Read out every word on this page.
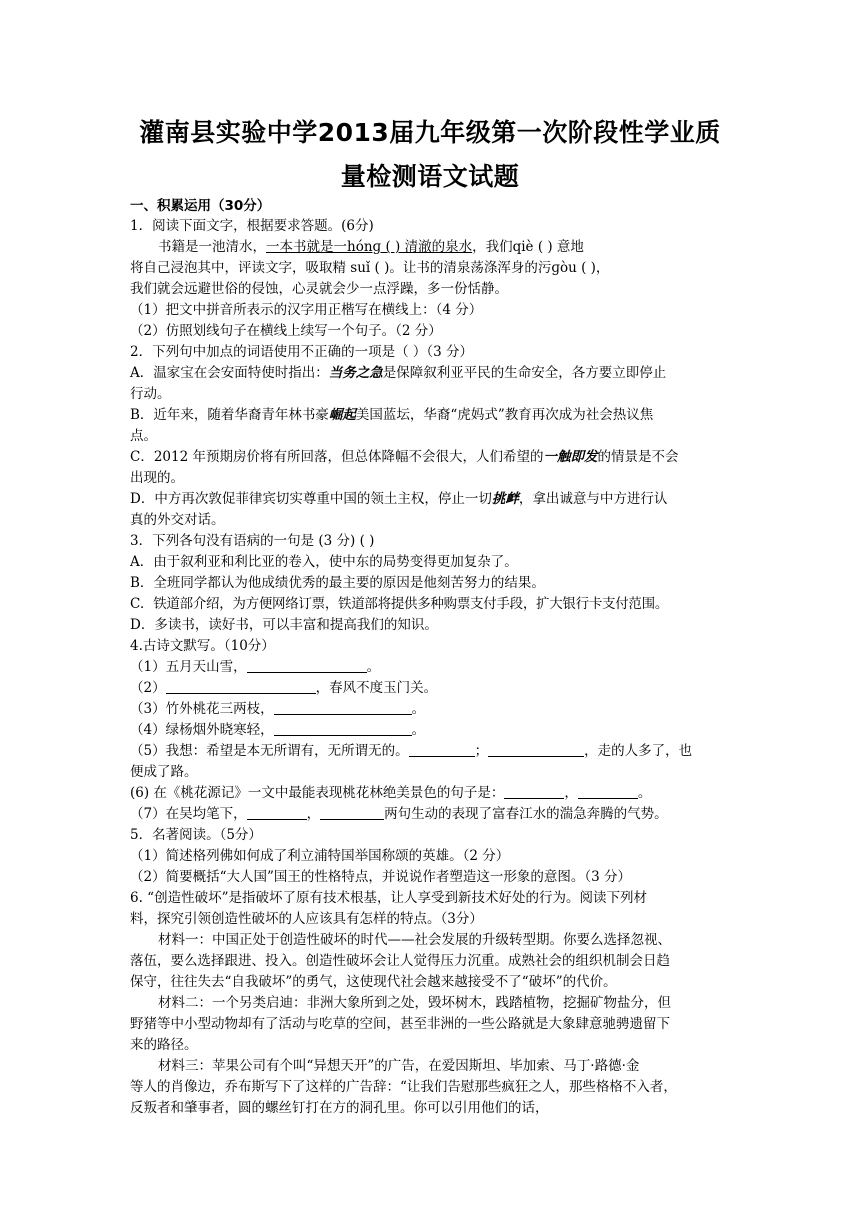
灌南县实验中学2013届九年级第一次阶段性学业质
量检测语文试题
一、积累运用（30分）
1．阅读下面文字，根据要求答题。(6分)
书籍是一池清水，一本书就是一hónɡ ( ) 清澈的泉水，我们qiè ( ) 意地
将自己浸泡其中，评读文字，吸取精 suǐ ( )。让书的清泉荡涤浑身的污ɡòu ( )，
我们就会远避世俗的侵蚀，心灵就会少一点浮躁，多一份恬静。
（1）把文中拼音所表示的汉字用正楷写在横线上：（4 分）
（2）仿照划线句子在横线上续写一个句子。（2 分）
2．下列句中加点的词语使用不正确的一项是（ ）（3 分）
A．温家宝在会安面特使时指出：当务之急是保障叙利亚平民的生命安全，各方要立即停止
行动。
B．近年来，随着华裔青年林书豪崛起美国蓝坛，华裔“虎妈式”教育再次成为社会热议焦
点。
C．2012 年预期房价将有所回落，但总体降幅不会很大，人们希望的一触即发的情景是不会
出现的。
D．中方再次敦促菲律宾切实尊重中国的领土主权，停止一切挑衅，拿出诚意与中方进行认
真的外交对话。
3．下列各句没有语病的一句是 (3 分) ( )
A．由于叙利亚和利比亚的卷入，使中东的局势变得更加复杂了。
B．全班同学都认为他成绩优秀的最主要的原因是他刻苦努力的结果。
C．铁道部介绍，为方便网络订票，铁道部将提供多种购票支付手段，扩大银行卡支付范围。
D．多读书，读好书，可以丰富和提高我们的知识。
4.古诗文默写。（10分）
（1）五月天山雪，	。
（2）	，春风不度玉门关。
（3）竹外桃花三两枝，	。
（4）绿杨烟外晓寒轻，	。
（5）我想：希望是本无所谓有，无所谓无的。	；	，走的人多了，也
便成了路。
(6) 在《桃花源记》一文中最能表现桃花林绝美景色的句子是：	，	。
（7）在吴均笔下，	，	两句生动的表现了富春江水的湍急奔腾的气势。
5．名著阅读。（5分）
（1）简述格列佛如何成了利立浦特国举国称颂的英雄。（2 分）
（2）简要概括“大人国”国王的性格特点，并说说作者塑造这一形象的意图。（3 分）
6. “创造性破坏”是指破坏了原有技术根基，让人享受到新技术好处的行为。阅读下列材
料，探究引领创造性破坏的人应该具有怎样的特点。（3分）
材料一：中国正处于创造性破坏的时代——社会发展的升级转型期。你要么选择忽视、
落伍，要么选择跟进、投入。创造性破坏会让人觉得压力沉重。成熟社会的组织机制会日趋
保守，往往失去“自我破坏”的勇气，这使现代社会越来越接受不了“破坏”的代价。
材料二：一个另类启迪：非洲大象所到之处，毁坏树木，践踏植物，挖掘矿物盐分，但
野猪等中小型动物却有了活动与吃草的空间，甚至非洲的一些公路就是大象肆意驰骋遗留下
来的路径。
材料三：苹果公司有个叫“异想天开”的广告，在爱因斯坦、毕加索、马丁·路德·金
等人的肖像边，乔布斯写下了这样的广告辞：“让我们告慰那些疯狂之人，那些格格不入者，
反叛者和肇事者，圆的螺丝钉打在方的洞孔里。你可以引用他们的话，
